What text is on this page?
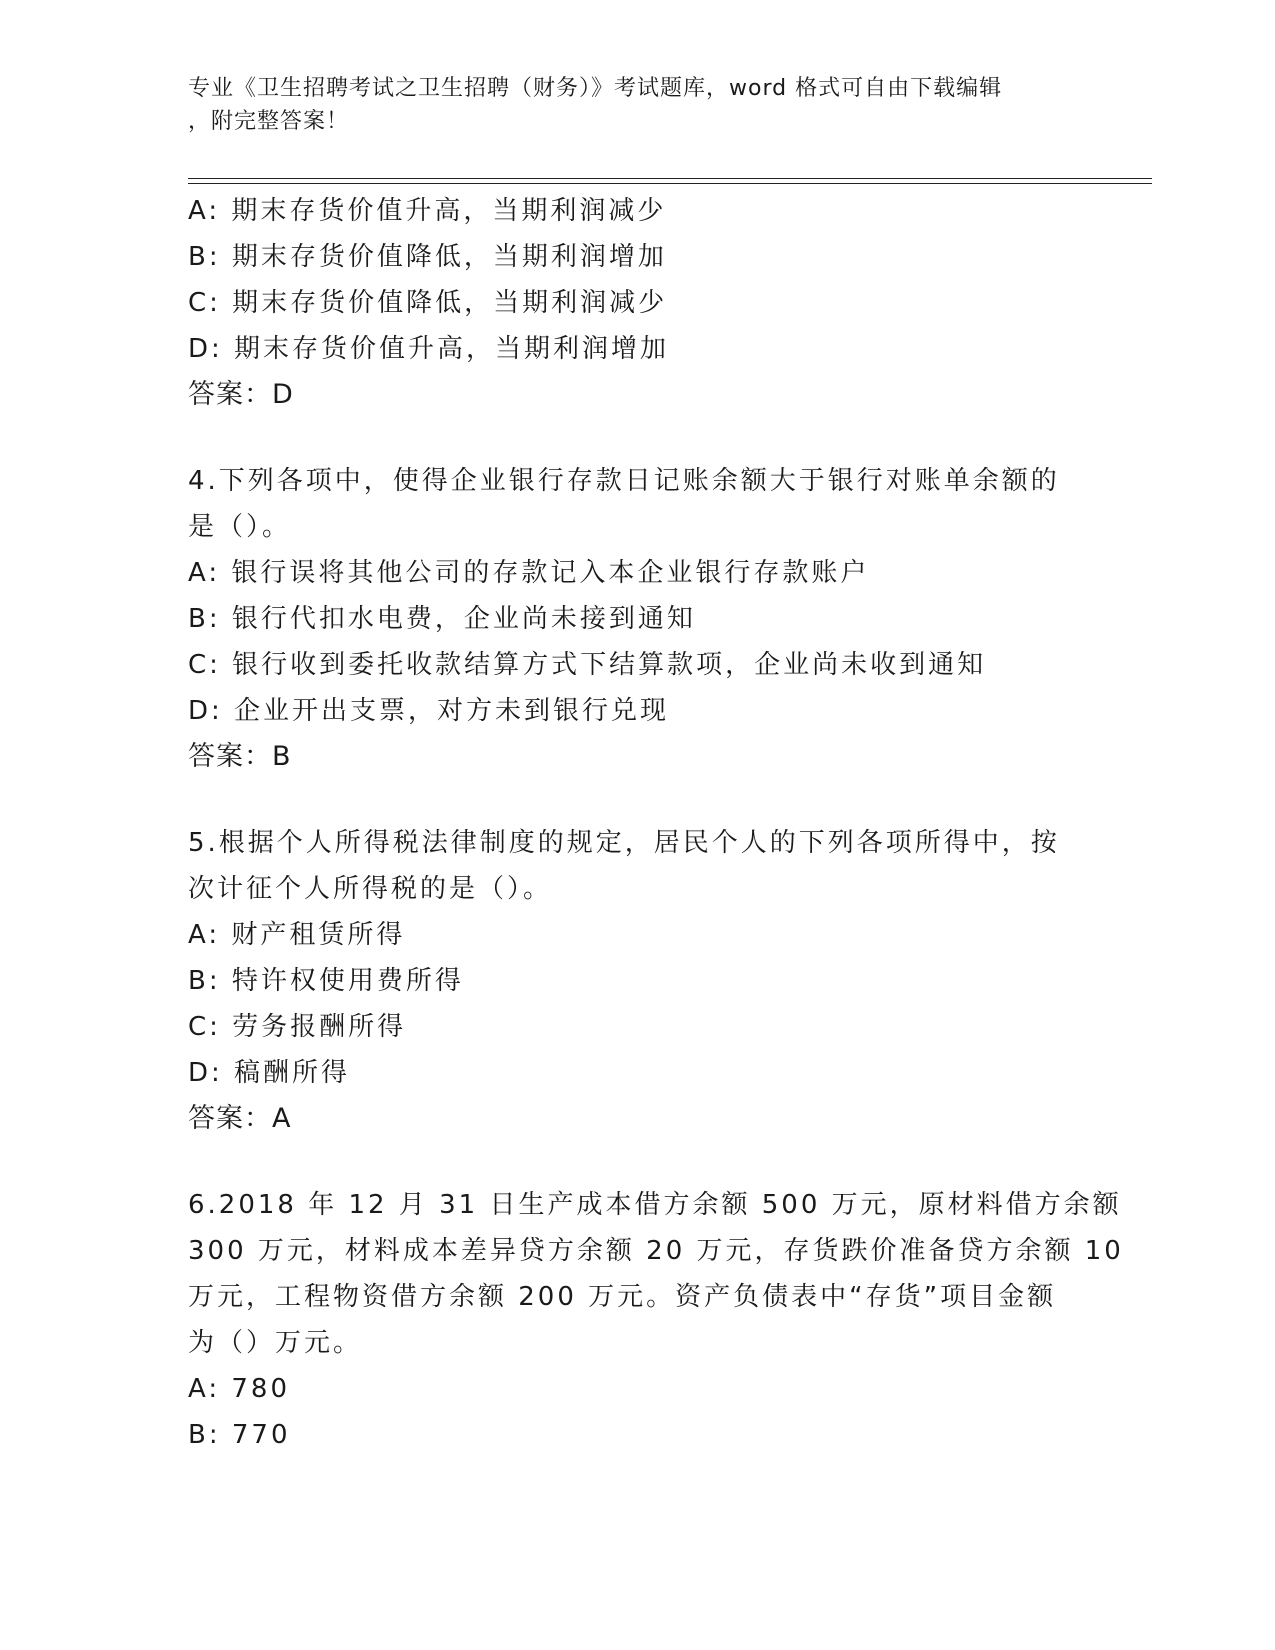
专业《卫生招聘考试之卫生招聘（财务）》考试题库，word 格式可自由下载编辑
，附完整答案！
A: 期末存货价值升高，当期利润减少
B: 期末存货价值降低，当期利润增加
C: 期末存货价值降低，当期利润减少
D: 期末存货价值升高，当期利润增加
答案：D
4.下列各项中，使得企业银行存款日记账余额大于银行对账单余额的
是（）。
A: 银行误将其他公司的存款记入本企业银行存款账户
B: 银行代扣水电费，企业尚未接到通知
C: 银行收到委托收款结算方式下结算款项，企业尚未收到通知
D: 企业开出支票，对方未到银行兑现
答案：B
5.根据个人所得税法律制度的规定，居民个人的下列各项所得中，按
次计征个人所得税的是（）。
A: 财产租赁所得
B: 特许权使用费所得
C: 劳务报酬所得
D: 稿酬所得
答案：A
6.2018 年 12 月 31 日生产成本借方余额 500 万元，原材料借方余额
300 万元，材料成本差异贷方余额 20 万元，存货跌价准备贷方余额 10
万元，工程物资借方余额 200 万元。资产负债表中“存货”项目金额
为（）万元。
A: 780
B: 770
